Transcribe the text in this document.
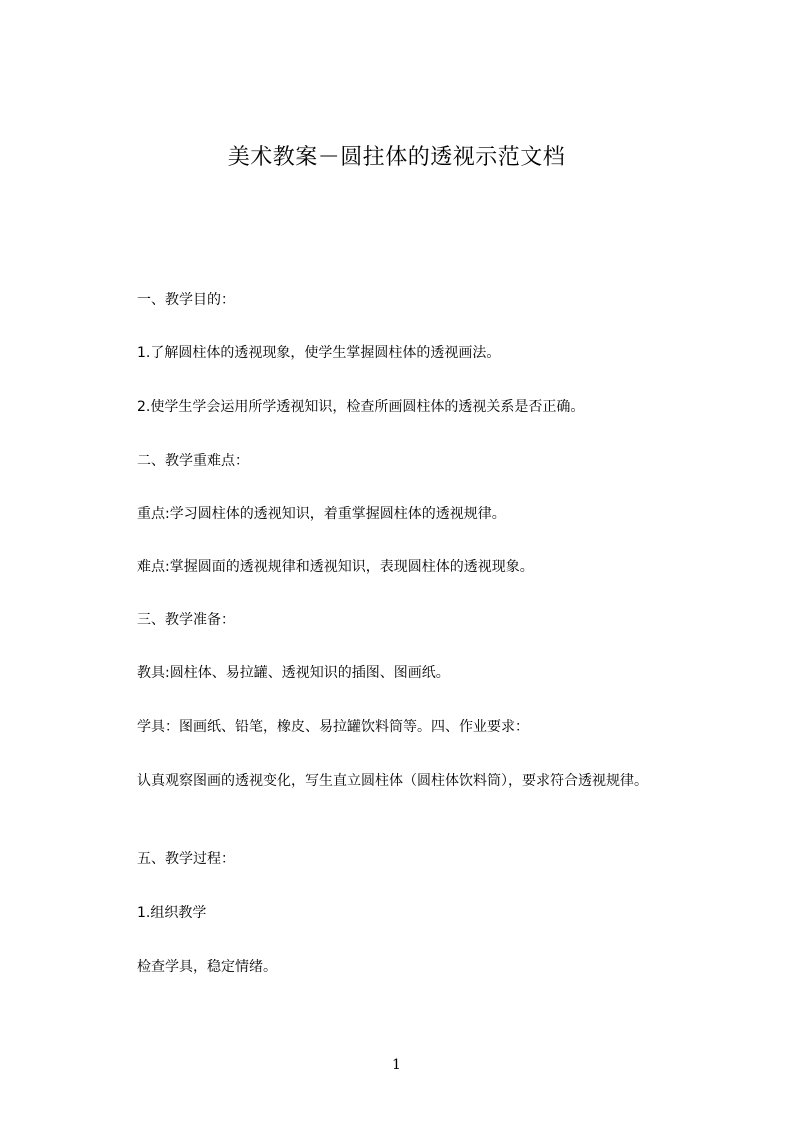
美术教案－圆拄体的透视示范文档
一、教学目的：
1.了解圆柱体的透视现象，使学生掌握圆柱体的透视画法。
2.使学生学会运用所学透视知识，检查所画圆柱体的透视关系是否正确。
二、教学重难点：
重点:学习圆柱体的透视知识，着重掌握圆柱体的透视规律。
难点:掌握圆面的透视规律和透视知识，表现圆柱体的透视现象。
三、教学准备：
教具:圆柱体、易拉罐、透视知识的插图、图画纸。
学具：图画纸、铅笔，橡皮、易拉罐饮料筒等。四、作业要求：
认真观察图画的透视变化，写生直立圆柱体（圆柱体饮料筒），要求符合透视规律。
五、教学过程：
1.组织教学
检查学具，稳定情绪。
1
